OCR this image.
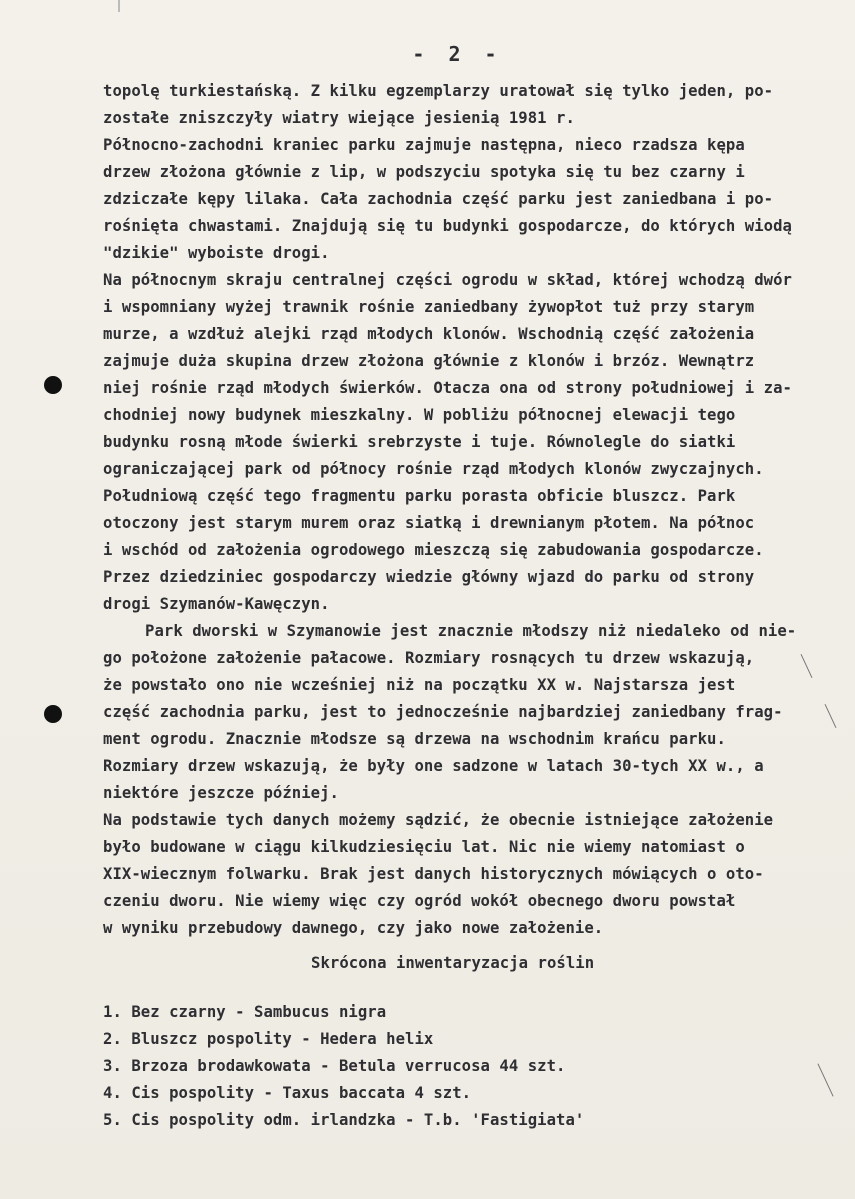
- 2 -
topolę turkiestańską. Z kilku egzemplarzy uratował się tylko jeden, po-
zostałe zniszczyły wiatry wiejące jesienią 1981 r.
Północno-zachodni kraniec parku zajmuje następna, nieco rzadsza kępa
drzew złożona głównie z lip, w podszyciu spotyka się tu bez czarny i
zdziczałe kępy lilaka. Cała zachodnia część parku jest zaniedbana i po-
rośnięta chwastami. Znajdują się tu budynki gospodarcze, do których wiodą
"dzikie" wyboiste drogi.
Na północnym skraju centralnej części ogrodu w skład, której wchodzą dwór
i wspomniany wyżej trawnik rośnie zaniedbany żywopłot tuż przy starym
murze, a wzdłuż alejki rząd młodych klonów. Wschodnią część założenia
zajmuje duża skupina drzew złożona głównie z klonów i brzóz. Wewnątrz
niej rośnie rząd młodych świerków. Otacza ona od strony południowej i za-
chodniej nowy budynek mieszkalny. W pobliżu północnej elewacji tego
budynku rosną młode świerki srebrzyste i tuje. Równolegle do siatki
ograniczającej park od północy rośnie rząd młodych klonów zwyczajnych.
Południową część tego fragmentu parku porasta obficie bluszcz. Park
otoczony jest starym murem oraz siatką i drewnianym płotem. Na północ
i wschód od założenia ogrodowego mieszczą się zabudowania gospodarcze.
Przez dziedziniec gospodarczy wiedzie główny wjazd do parku od strony
drogi Szymanów-Kawęczyn.
Park dworski w Szymanowie jest znacznie młodszy niż niedaleko od nie-
go położone założenie pałacowe. Rozmiary rosnących tu drzew wskazują,
że powstało ono nie wcześniej niż na początku XX w. Najstarsza jest
część zachodnia parku, jest to jednocześnie najbardziej zaniedbany frag-
ment ogrodu. Znacznie młodsze są drzewa na wschodnim krańcu parku.
Rozmiary drzew wskazują, że były one sadzone w latach 30-tych XX w., a
niektóre jeszcze później.
Na podstawie tych danych możemy sądzić, że obecnie istniejące założenie
było budowane w ciągu kilkudziesięciu lat. Nic nie wiemy natomiast o
XIX-wiecznym folwarku. Brak jest danych historycznych mówiących o oto-
czeniu dworu. Nie wiemy więc czy ogród wokół obecnego dworu powstał
w wyniku przebudowy dawnego, czy jako nowe założenie.
Skrócona inwentaryzacja roślin
1. Bez czarny - Sambucus nigra
2. Bluszcz pospolity - Hedera helix
3. Brzoza brodawkowata - Betula verrucosa 44 szt.
4. Cis pospolity - Taxus baccata 4 szt.
5. Cis pospolity odm. irlandzka - T.b. 'Fastigiata'
